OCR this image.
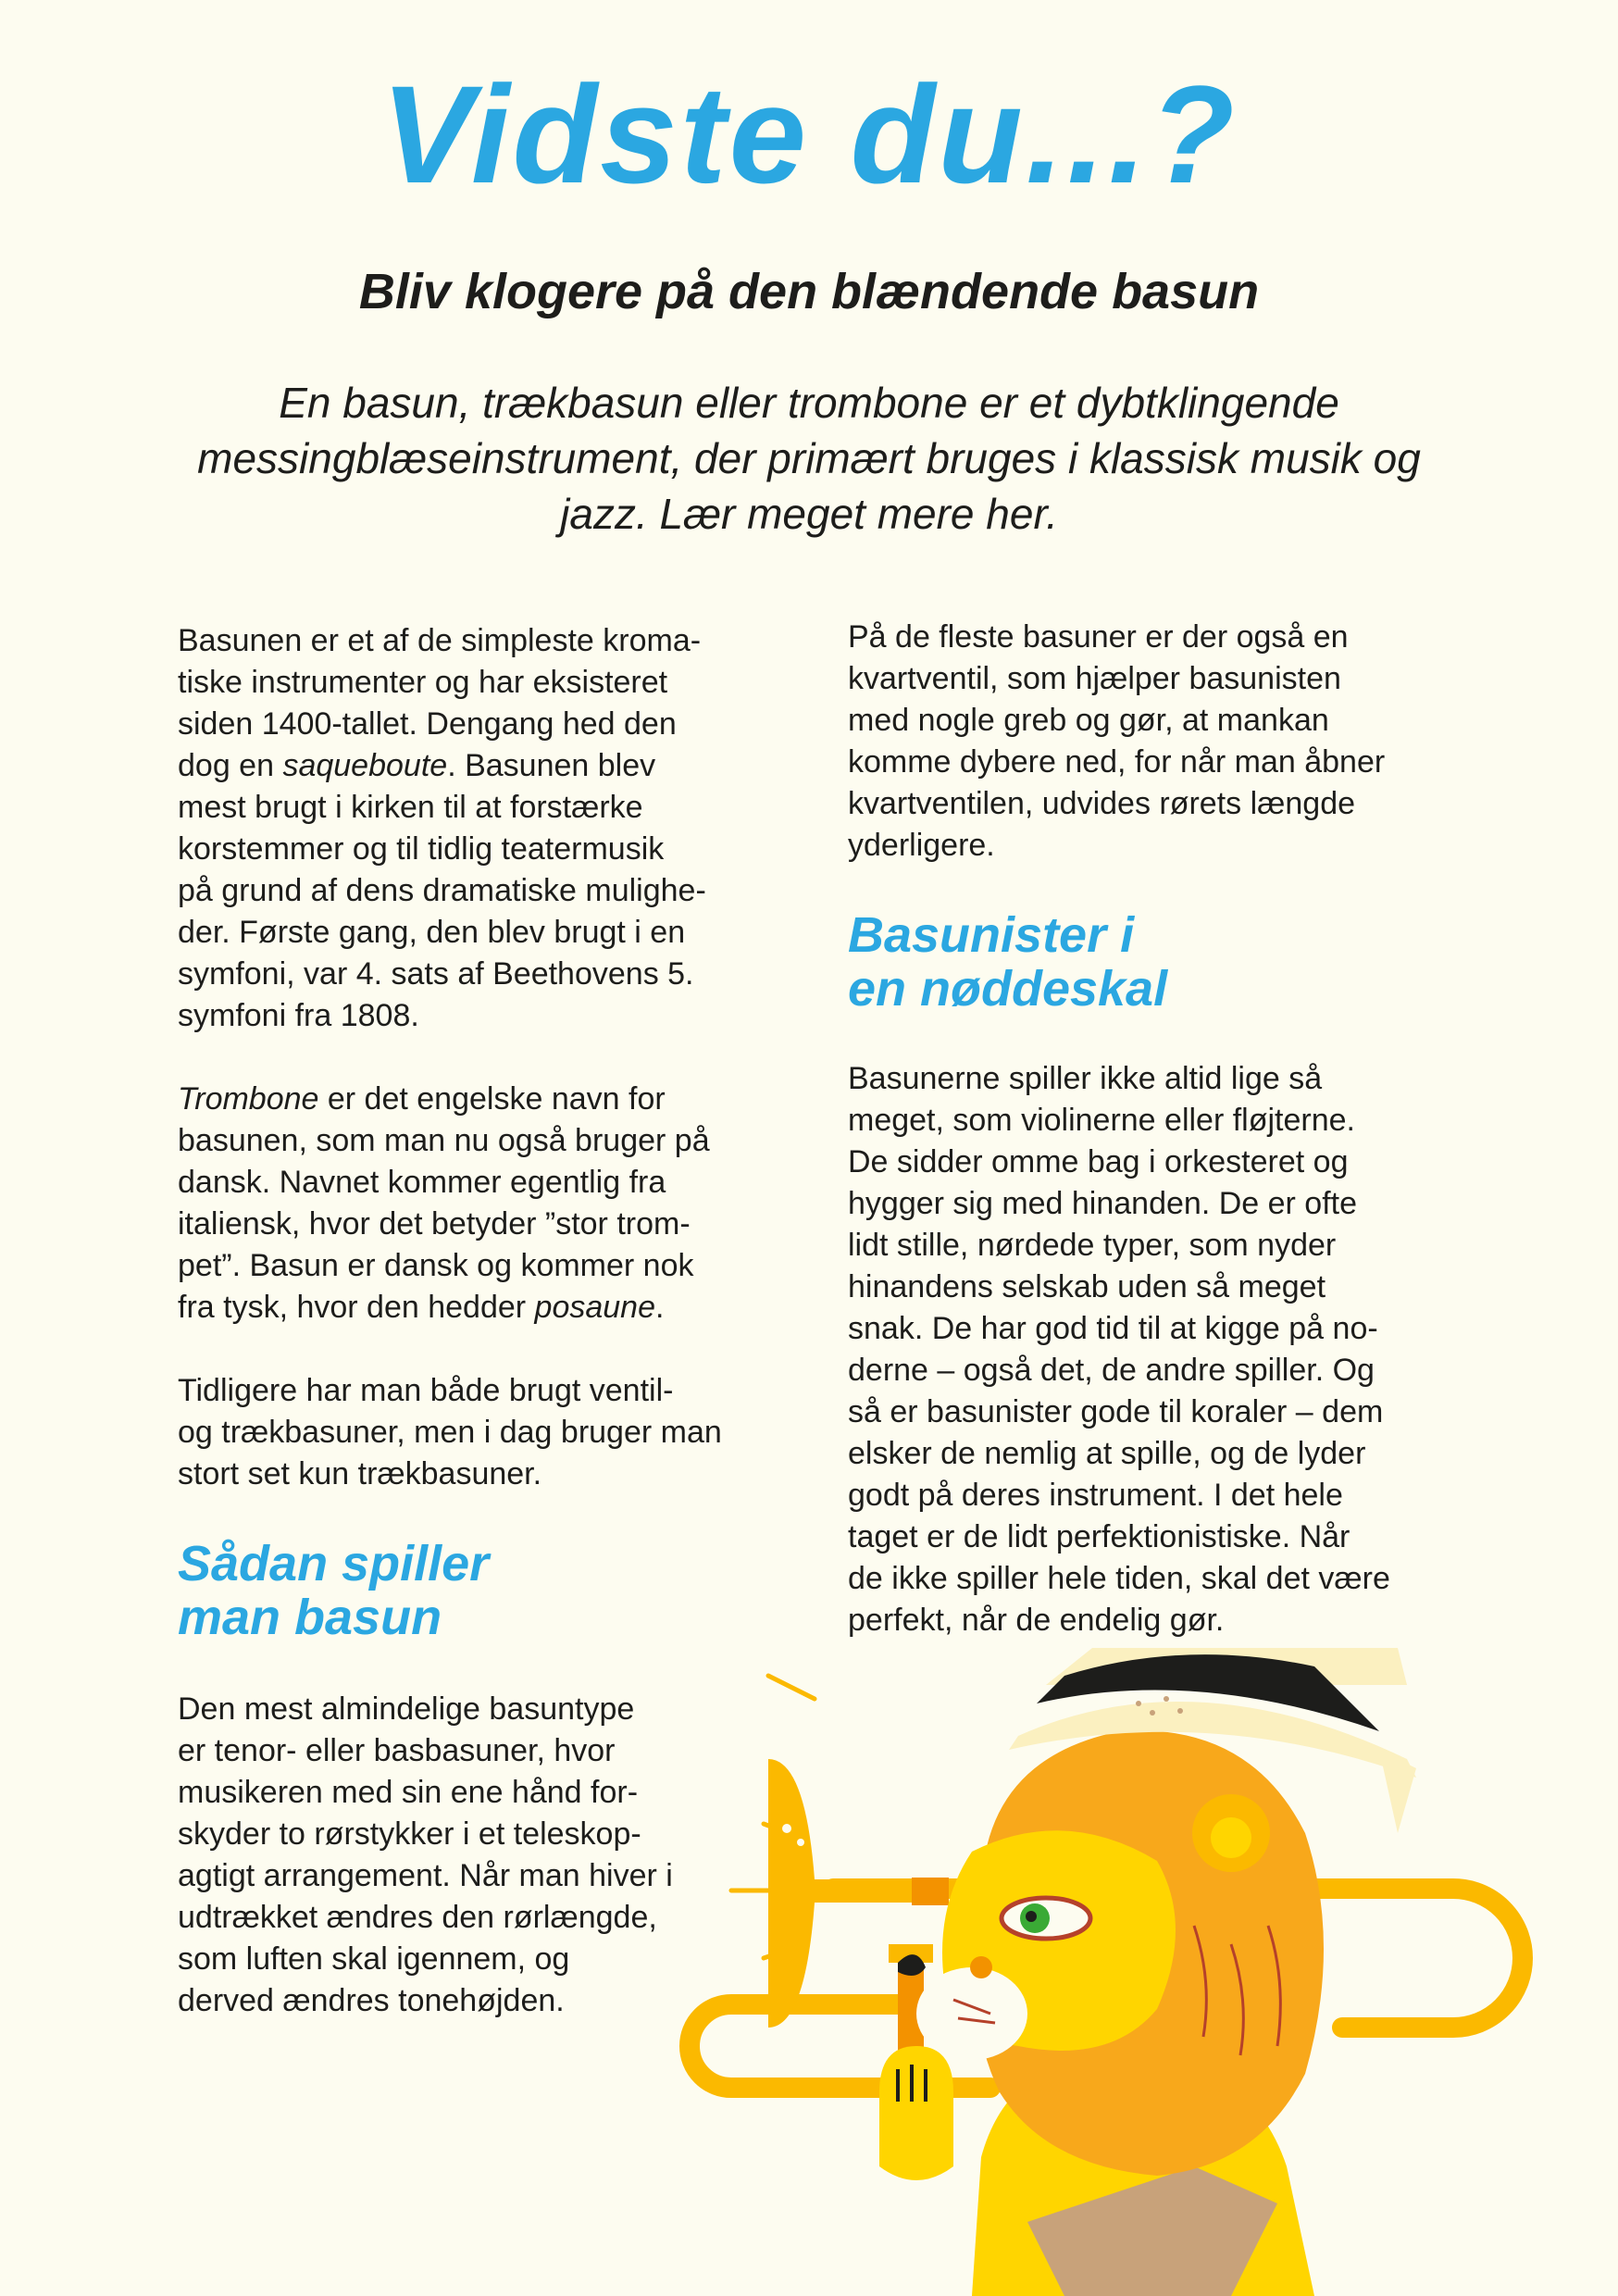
Vidste du...?
Bliv klogere på den blændende basun

En basun, trækbasun eller trombone er et dybtklingende messingblæseinstrument, der primært bruges i klassisk musik og jazz. Lær meget mere her.

Basunen er et af de simpleste kroma-
tiske instrumenter og har eksisteret
siden 1400-tallet. Dengang hed den
dog en saqueboute. Basunen blev
mest brugt i kirken til at forstærke
korstemmer og til tidlig teatermusik
på grund af dens dramatiske mulighe-
der. Første gang, den blev brugt i en
symfoni, var 4. sats af Beethovens 5.
symfoni fra 1808.

Trombone er det engelske navn for
basunen, som man nu også bruger på
dansk. Navnet kommer egentlig fra
italiensk, hvor det betyder ”stor trom-
pet”. Basun er dansk og kommer nok
fra tysk, hvor den hedder posaune.

Tidligere har man både brugt ventil-
og trækbasuner, men i dag bruger man
stort set kun trækbasuner.

Sådan spiller
man basun

Den mest almindelige basuntype
er tenor- eller basbasuner, hvor
musikeren med sin ene hånd for-
skyder to rørstykker i et teleskop-
agtigt arrangement. Når man hiver i
udtrækket ændres den rørlængde,
som luften skal igennem, og
derved ændres tonehøjden.

På de fleste basuner er der også en
kvartventil, som hjælper basunisten
med nogle greb og gør, at mankan
komme dybere ned, for når man åbner
kvartventilen, udvides rørets længde
yderligere.

Basunister i
en nøddeskal

Basunerne spiller ikke altid lige så
meget, som violinerne eller fløjterne.
De sidder omme bag i orkesteret og
hygger sig med hinanden. De er ofte
lidt stille, nørdede typer, som nyder
hinandens selskab uden så meget
snak. De har god tid til at kigge på no-
derne – også det, de andre spiller. Og
så er basunister gode til koraler – dem
elsker de nemlig at spille, og de lyder
godt på deres instrument. I det hele
taget er de lidt perfektionistiske. Når
de ikke spiller hele tiden, skal det være
perfekt, når de endelig gør.
